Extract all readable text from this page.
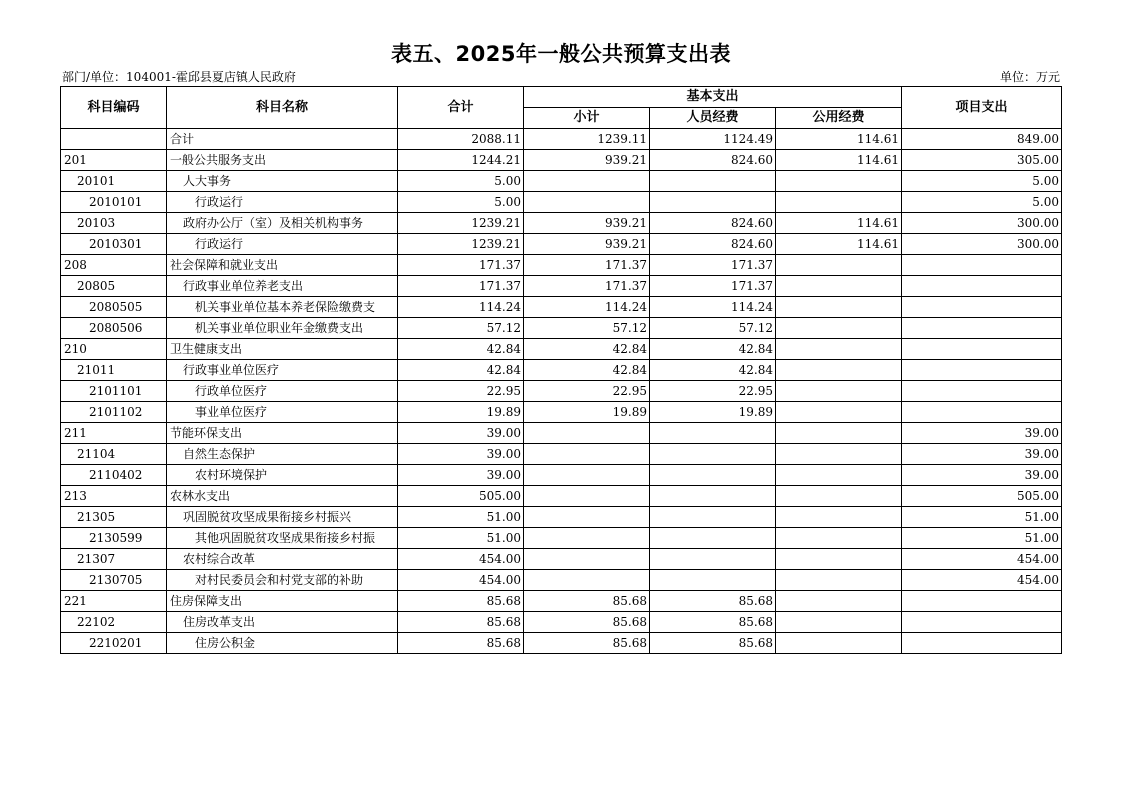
表五、2025年一般公共预算支出表
部门/单位：104001-霍邱县夏店镇人民政府	单位：万元
科目编码	科目名称	合计	基本支出			项目支出
			小计	人员经费	公用经费	
	合计	2088.11	1239.11	1124.49	114.61	849.00
201	一般公共服务支出	1244.21	939.21	824.60	114.61	305.00
20101	人大事务	5.00				5.00
2010101	行政运行	5.00				5.00
20103	政府办公厅（室）及相关机构事务	1239.21	939.21	824.60	114.61	300.00
2010301	行政运行	1239.21	939.21	824.60	114.61	300.00
208	社会保障和就业支出	171.37	171.37	171.37		
20805	行政事业单位养老支出	171.37	171.37	171.37		
2080505	机关事业单位基本养老保险缴费支	114.24	114.24	114.24		
2080506	机关事业单位职业年金缴费支出	57.12	57.12	57.12		
210	卫生健康支出	42.84	42.84	42.84		
21011	行政事业单位医疗	42.84	42.84	42.84		
2101101	行政单位医疗	22.95	22.95	22.95		
2101102	事业单位医疗	19.89	19.89	19.89		
211	节能环保支出	39.00				39.00
21104	自然生态保护	39.00				39.00
2110402	农村环境保护	39.00				39.00
213	农林水支出	505.00				505.00
21305	巩固脱贫攻坚成果衔接乡村振兴	51.00				51.00
2130599	其他巩固脱贫攻坚成果衔接乡村振	51.00				51.00
21307	农村综合改革	454.00				454.00
2130705	对村民委员会和村党支部的补助	454.00				454.00
221	住房保障支出	85.68	85.68	85.68		
22102	住房改革支出	85.68	85.68	85.68		
2210201	住房公积金	85.68	85.68	85.68		
